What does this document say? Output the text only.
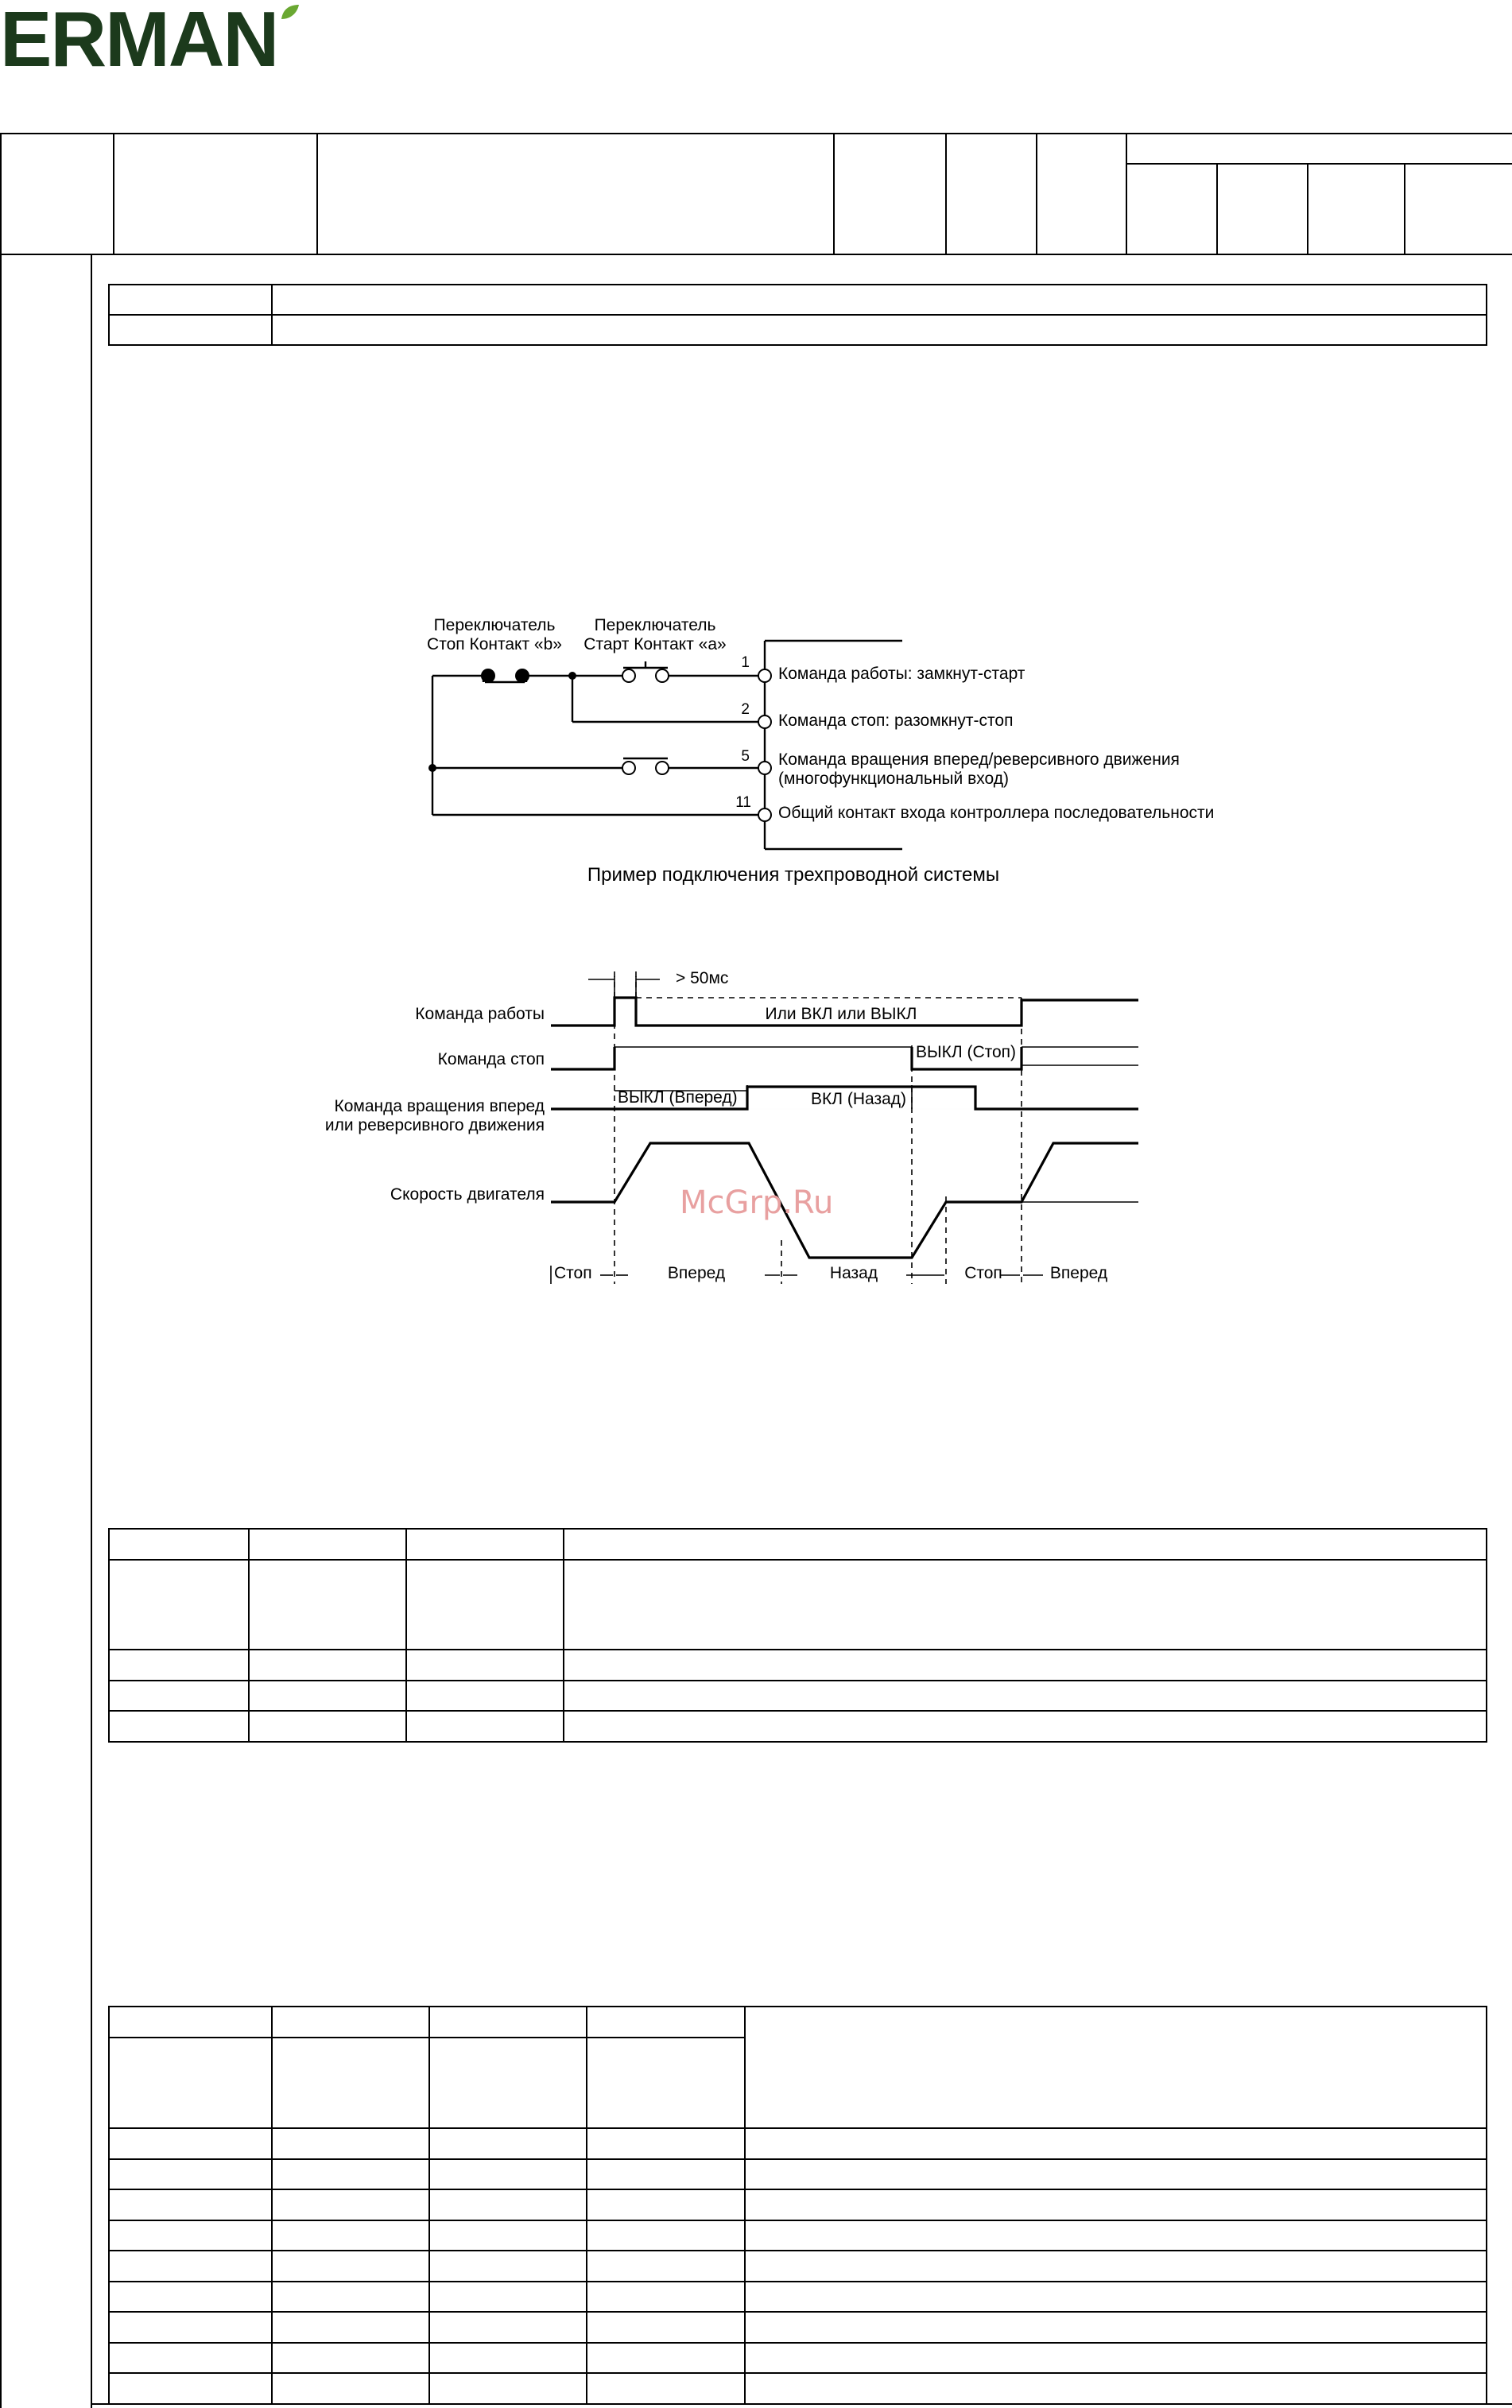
ERMAN
Переключатель
Стоп Контакт «b»
Переключатель
Старт Контакт «a»
1
2
5
11
Команда работы: замкнут-старт
Команда стоп: разомкнут-стоп
Команда вращения вперед/реверсивного движения
(многофункциональный вход)
Общий контакт входа контроллера последовательности
Пример подключения трехпроводной системы
> 50мс
Команда работы
Команда стоп
Команда вращения вперед
или реверсивного движения
Скорость двигателя
Или ВКЛ или ВЫКЛ
ВЫКЛ (Стоп)
ВЫКЛ (Вперед)	ВКЛ (Назад)
Стоп	Вперед	Назад	Стоп	Вперед
McGrp.Ru
